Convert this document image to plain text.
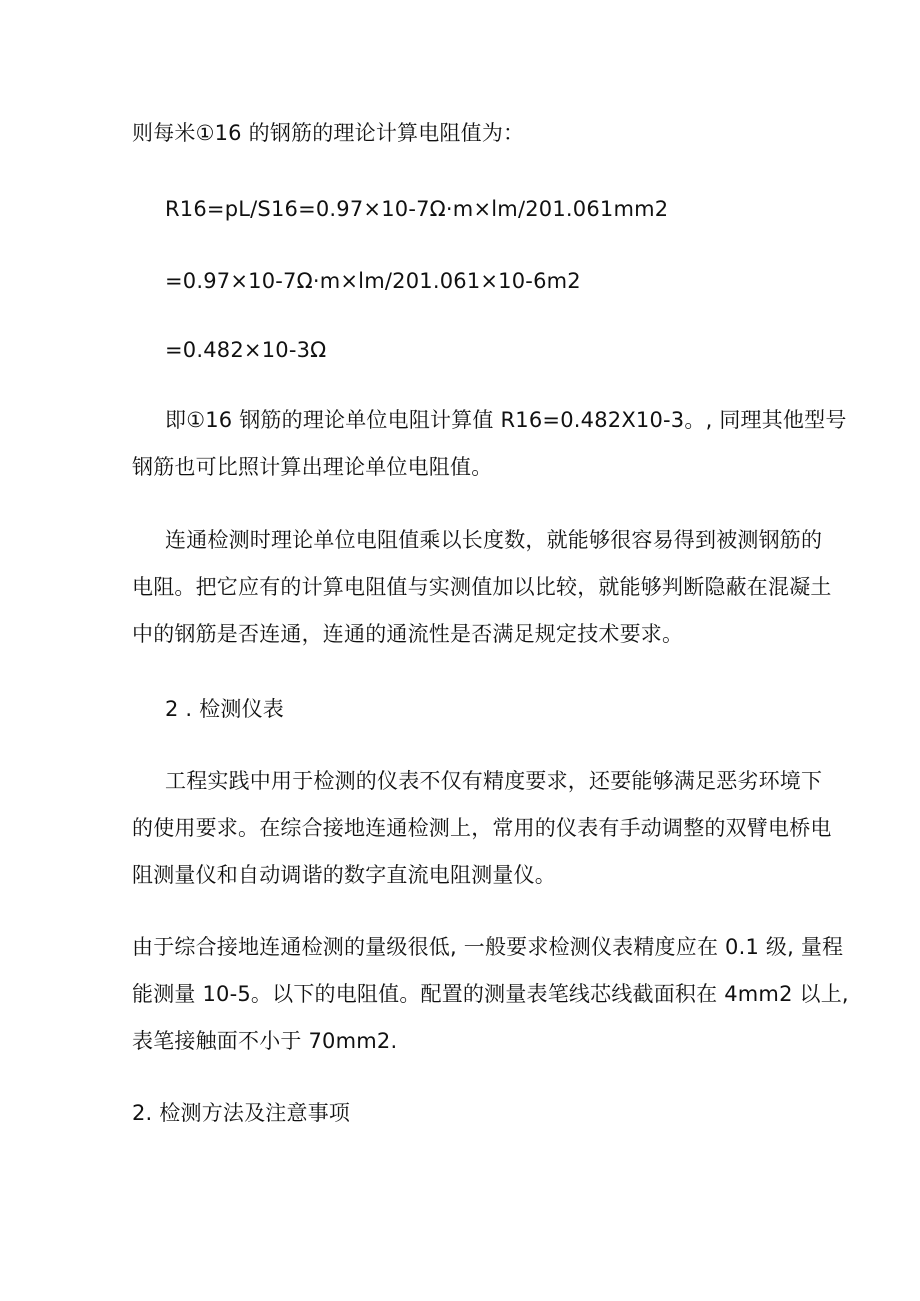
则每米①16 的钢筋的理论计算电阻值为：
R16=pL/S16=0.97×10-7Ω·m×lm∕201.061mm2
=0.97×10-7Ω·m×lm/201.061×10-6m2
=0.482×10-3Ω
即①16 钢筋的理论单位电阻计算值 R16=0.482X10-3。, 同理其他型号
钢筋也可比照计算出理论单位电阻值。
连通检测时理论单位电阻值乘以长度数，就能够很容易得到被测钢筋的
电阻。把它应有的计算电阻值与实测值加以比较，就能够判断隐蔽在混凝土
中的钢筋是否连通，连通的通流性是否满足规定技术要求。
2 . 检测仪表
工程实践中用于检测的仪表不仅有精度要求，还要能够满足恶劣环境下
的使用要求。在综合接地连通检测上，常用的仪表有手动调整的双臂电桥电
阻测量仪和自动调谐的数字直流电阻测量仪。
由于综合接地连通检测的量级很低, 一般要求检测仪表精度应在 0.1 级, 量程
能测量 10-5。以下的电阻值。配置的测量表笔线芯线截面积在 4mm2 以上,
表笔接触面不小于 70mm2.
2. 检测方法及注意事项
